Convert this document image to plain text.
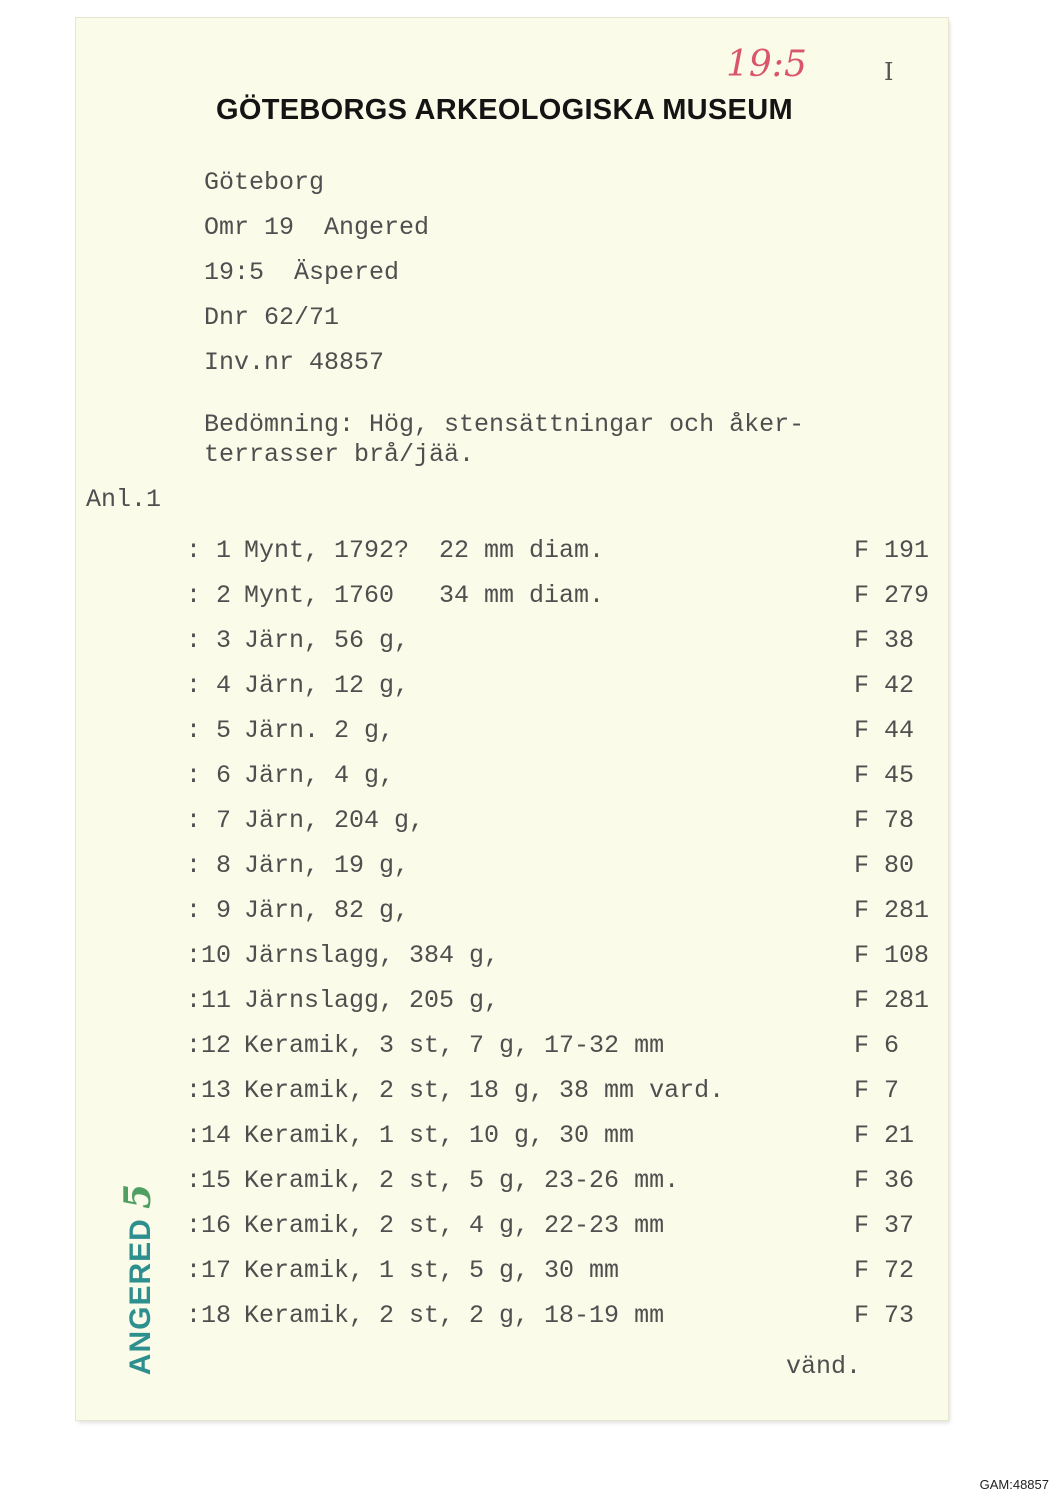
19:5	I
GÖTEBORGS ARKEOLOGISKA MUSEUM
Göteborg
Omr 19  Angered
19:5  Äspered
Dnr 62/71
Inv.nr 48857
Bedömning: Hög, stensättningar och åker-
terrasser brå/jää.
Anl.1
: 1 Mynt, 1792?  22 mm diam.	F 191
: 2 Mynt, 1760   34 mm diam.	F 279
: 3 Järn, 56 g,	F 38
: 4 Järn, 12 g,	F 42
: 5 Järn. 2 g,	F 44
: 6 Järn, 4 g,	F 45
: 7 Järn, 204 g,	F 78
: 8 Järn, 19 g,	F 80
: 9 Järn, 82 g,	F 281
:10 Järnslagg, 384 g,	F 108
:11 Järnslagg, 205 g,	F 281
:12 Keramik, 3 st, 7 g, 17-32 mm	F 6
:13 Keramik, 2 st, 18 g, 38 mm vard.	F 7
:14 Keramik, 1 st, 10 g, 30 mm	F 21
:15 Keramik, 2 st, 5 g, 23-26 mm.	F 36
:16 Keramik, 2 st, 4 g, 22-23 mm	F 37
:17 Keramik, 1 st, 5 g, 30 mm	F 72
:18 Keramik, 2 st, 2 g, 18-19 mm	F 73
vänd.
ANGERED 5
GAM:48857
